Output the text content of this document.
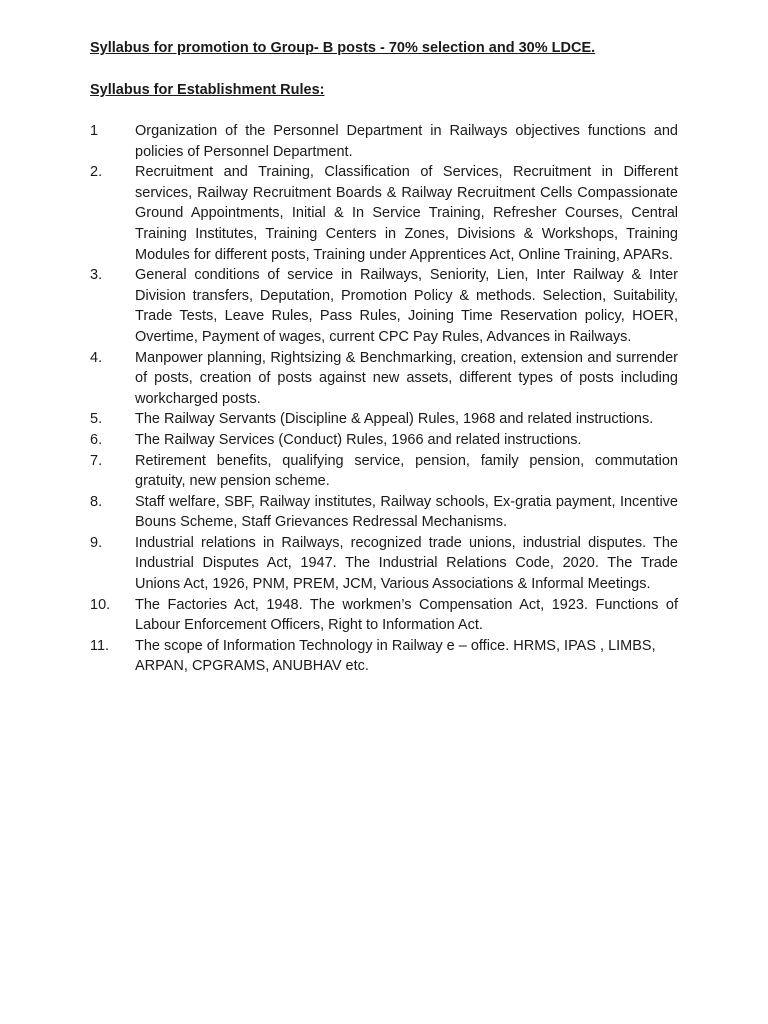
Syllabus for promotion to Group- B posts - 70% selection and 30% LDCE.
Syllabus for Establishment Rules:
1	Organization of the Personnel Department in Railways objectives functions and policies of Personnel Department.
2.	Recruitment and Training, Classification of Services, Recruitment in Different services, Railway Recruitment Boards & Railway Recruitment Cells Compassionate Ground Appointments, Initial & In Service Training, Refresher Courses, Central Training Institutes, Training Centers in Zones, Divisions & Workshops, Training Modules for different posts, Training under Apprentices Act, Online Training, APARs.
3.	General conditions of service in Railways, Seniority, Lien, Inter Railway & Inter Division transfers, Deputation, Promotion Policy & methods. Selection, Suitability, Trade Tests, Leave Rules, Pass Rules, Joining Time Reservation policy, HOER, Overtime, Payment of wages, current CPC Pay Rules, Advances in Railways.
4.	Manpower planning, Rightsizing & Benchmarking, creation, extension and surrender of posts, creation of posts against new assets, different types of posts including workcharged posts.
5.	The Railway Servants (Discipline & Appeal) Rules, 1968 and related instructions.
6.	The Railway Services (Conduct) Rules, 1966 and related instructions.
7.	Retirement benefits, qualifying service, pension, family pension, commutation gratuity, new pension scheme.
8.	Staff welfare, SBF, Railway institutes, Railway schools, Ex-gratia payment, Incentive Bouns Scheme, Staff Grievances Redressal Mechanisms.
9.	Industrial relations in Railways, recognized trade unions, industrial disputes. The Industrial Disputes Act, 1947. The Industrial Relations Code, 2020. The Trade Unions Act, 1926, PNM, PREM, JCM, Various Associations & Informal Meetings.
10.	The Factories Act, 1948. The workmen’s Compensation Act, 1923. Functions of Labour Enforcement Officers, Right to Information Act.
11.	The scope of Information Technology in Railway e – office. HRMS, IPAS , LIMBS, ARPAN, CPGRAMS, ANUBHAV etc.
